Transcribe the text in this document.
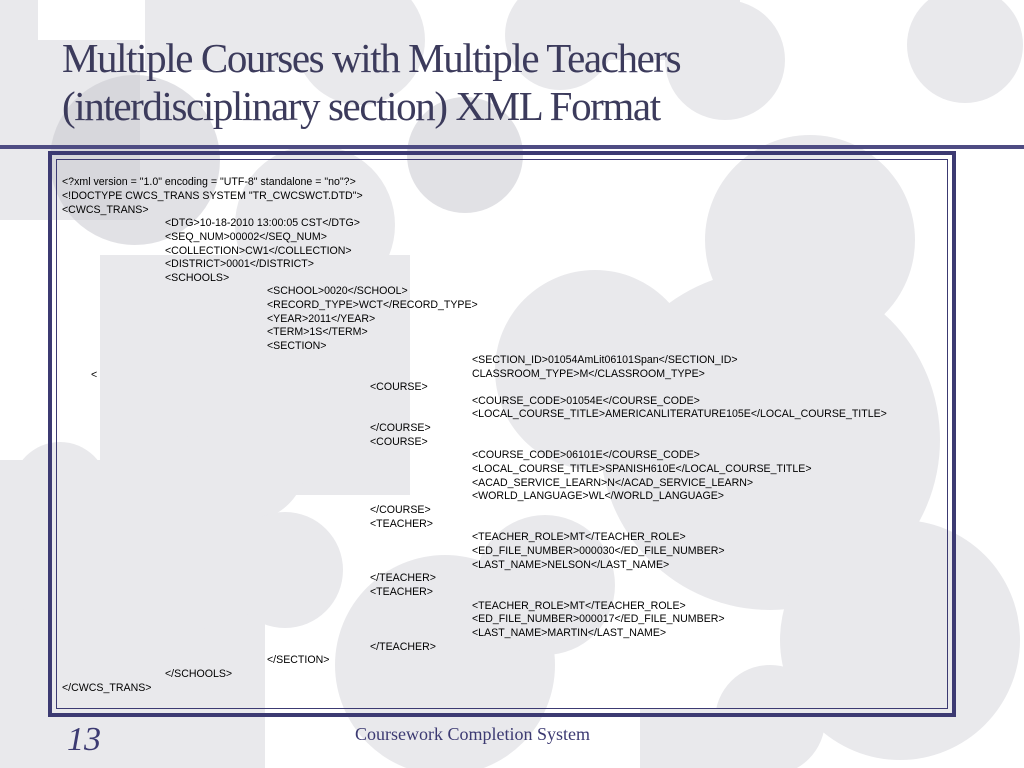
Multiple Courses with Multiple Teachers
(interdisciplinary section) XML Format
<?xml version = "1.0" encoding = "UTF-8" standalone = "no"?>
<!DOCTYPE CWCS_TRANS SYSTEM "TR_CWCSWCT.DTD">
<CWCS_TRANS>
<DTG>10-18-2010 13:00:05 CST</DTG>
<SEQ_NUM>00002</SEQ_NUM>
<COLLECTION>CW1</COLLECTION>
<DISTRICT>0001</DISTRICT>
<SCHOOLS>
<SCHOOL>0020</SCHOOL>
<RECORD_TYPE>WCT</RECORD_TYPE>
<YEAR>2011</YEAR>
<TERM>1S</TERM>
<SECTION>
<SECTION_ID>01054AmLit06101Span</SECTION_ID>
<	CLASSROOM_TYPE>M</CLASSROOM_TYPE>
<COURSE>
<COURSE_CODE>01054E</COURSE_CODE>
<LOCAL_COURSE_TITLE>AMERICANLITERATURE105E</LOCAL_COURSE_TITLE>
</COURSE>
<COURSE>
<COURSE_CODE>06101E</COURSE_CODE>
<LOCAL_COURSE_TITLE>SPANISH610E</LOCAL_COURSE_TITLE>
<ACAD_SERVICE_LEARN>N</ACAD_SERVICE_LEARN>
<WORLD_LANGUAGE>WL</WORLD_LANGUAGE>
</COURSE>
<TEACHER>
<TEACHER_ROLE>MT</TEACHER_ROLE>
<ED_FILE_NUMBER>000030</ED_FILE_NUMBER>
<LAST_NAME>NELSON</LAST_NAME>
</TEACHER>
<TEACHER>
<TEACHER_ROLE>MT</TEACHER_ROLE>
<ED_FILE_NUMBER>000017</ED_FILE_NUMBER>
<LAST_NAME>MARTIN</LAST_NAME>
</TEACHER>
</SECTION>
</SCHOOLS>
</CWCS_TRANS>
13	Coursework Completion System
